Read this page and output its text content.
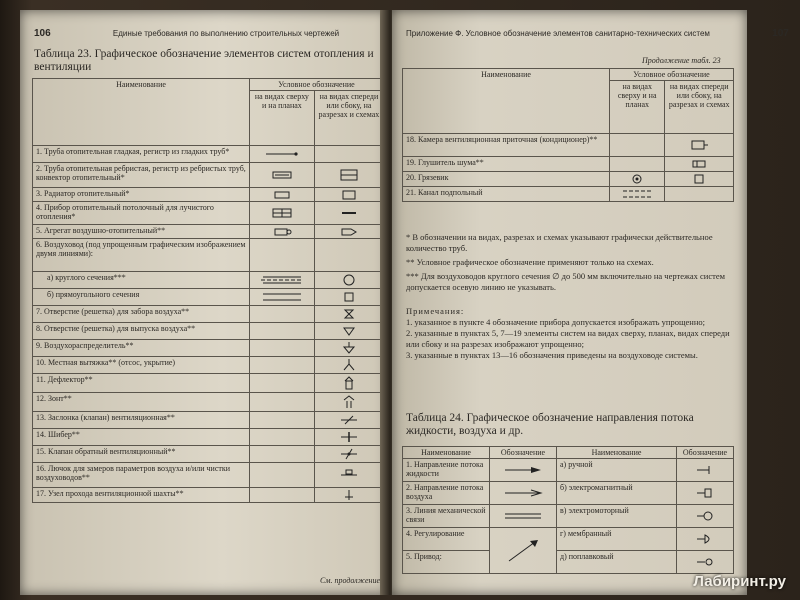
106	Единые требования по выполнению строительных чертежей
Таблица 23. Графическое обозначение элементов систем отопления и вентиляции
Наименование	Условное обозначение	
	на видах сверху и на планах	на видах спереди или сбоку, на разрезах и схемах
1. Труба отопительная гладкая, регистр из гладких труб*	

2. Труба отопительная ребристая, регистр из ребристых труб, конвектор отопительный*	

3. Радиатор отопительный*	

4. Прибор отопительный потолочный для лучистого отопления*	

5. Агрегат воздушно-отопительный**	

6. Воздуховод (под упрощенным графическим изображением двумя линиями):		
а) круглого сечения***	

б) прямоугольного сечения	

7. Отверстие (решетка) для забора воздуха**		

8. Отверстие (решетка) для выпуска воздуха**		

9. Воздухораспределитель**		

10. Местная вытяжка** (отсос, укрытие)		

11. Дефлектор**		

12. Зонт**		

13. Заслонка (клапан) вентиляционная**		

14. Шибер**		

15. Клапан обратный вентиляционный**		

16. Лючок для замеров параметров воздуха и/или чистки воздуховодов**		

17. Узел прохода вентиляционной шахты**		
См. продолжение
Приложение Ф. Условное обозначение элементов санитарно-технических систем	107
Продолжение табл. 23
Наименование	Условное обозначение	
	на видах сверху и на планах	на видах спереди или сбоку, на разрезах и схемах
18. Камера вентиляционная приточная (кондиционер)**		

19. Глушитель шума**		

20. Грязевик	

21. Канал подпольный	

* В обозначении на видах, разрезах и схемах указывают графически действительное количество труб.
** Условное графическое обозначение применяют только на схемах.
*** Для воздуховодов круглого сечения ∅ до 500 мм включительно на чертежах систем допускается осевую линию не указывать.
Примечания:
1. указанное в пункте 4 обозначение прибора допускается изображать упрощенно;
2. указанные в пунктах 5, 7—19 элементы систем на видах сверху, планах, видах спереди или сбоку и на разрезах изображают упрощенно;
3. указанные в пунктах 13—16 обозначения приведены на воздуховоде системы.
Таблица 24. Графическое обозначение направления потока жидкости, воздуха и др.
Наименование	Обозначение	Наименование	Обозначение
1. Направление потока жидкости		а) ручной	

2. Направление потока воздуха		б) электромагнитный	

3. Линия механической связи		в) электромоторный	

4. Регулирование		г) мембранный	

5. Привод:		д) поплавковый	
Лабиринт.ру
